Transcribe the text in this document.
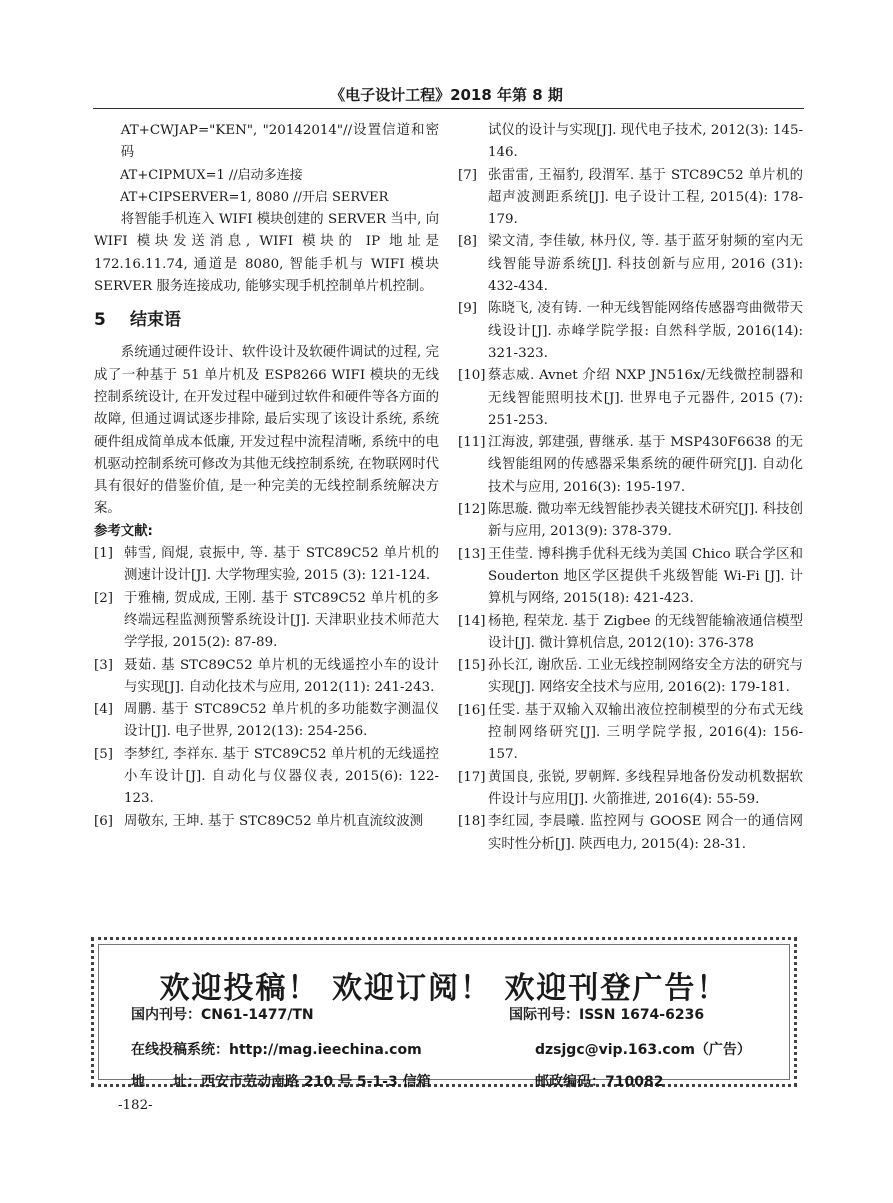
《电子设计工程》2018 年第 8 期

AT+CWJAP="KEN", "20142014"//设置信道和密码

AT+CIPMUX=1 //启动多连接

AT+CIPSERVER=1, 8080 //开启 SERVER

将智能手机连入 WIFI 模块创建的 SERVER 当中, 向 WIFI 模块发送消息, WIFI 模块的 IP 地址是 172.16.11.74, 通道是 8080, 智能手机与 WIFI 模块 SERVER 服务连接成功, 能够实现手机控制单片机控制。

5 结束语

系统通过硬件设计、软件设计及软硬件调试的过程, 完成了一种基于 51 单片机及 ESP8266 WIFI 模块的无线控制系统设计, 在开发过程中碰到过软件和硬件等各方面的故障, 但通过调试逐步排除, 最后实现了该设计系统, 系统硬件组成简单成本低廉, 开发过程中流程清晰, 系统中的电机驱动控制系统可修改为其他无线控制系统, 在物联网时代具有很好的借鉴价值, 是一种完美的无线控制系统解决方案。

参考文献:

[1] 韩雪, 阎焜, 袁振中, 等. 基于 STC89C52 单片机的测速计设计[J]. 大学物理实验, 2015 (3): 121-124.
[2] 于雅楠, 贺成成, 王刚. 基于 STC89C52 单片机的多终端远程监测预警系统设计[J]. 天津职业技术师范大学学报, 2015(2): 87-89.
[3] 聂茹. 基 STC89C52 单片机的无线遥控小车的设计与实现[J]. 自动化技术与应用, 2012(11): 241-243.
[4] 周鹏. 基于 STC89C52 单片机的多功能数字测温仪设计[J]. 电子世界, 2012(13): 254-256.
[5] 李梦红, 李祥东. 基于 STC89C52 单片机的无线遥控小车设计[J]. 自动化与仪器仪表, 2015(6): 122-123.
[6] 周敬东, 王坤. 基于 STC89C52 单片机直流纹波测

试仪的设计与实现[J]. 现代电子技术, 2012(3): 145-146.

[7] 张雷雷, 王福豹, 段渭军. 基于 STC89C52 单片机的超声波测距系统[J]. 电子设计工程, 2015(4): 178-179.
[8] 梁文清, 李佳敏, 林丹仪, 等. 基于蓝牙射频的室内无线智能导游系统[J]. 科技创新与应用, 2016 (31): 432-434.
[9] 陈晓飞, 凌有铸. 一种无线智能网络传感器弯曲微带天线设计[J]. 赤峰学院学报: 自然科学版, 2016(14): 321-323.
[10] 蔡志威. Avnet 介绍 NXP JN516x/无线微控制器和无线智能照明技术[J]. 世界电子元器件, 2015 (7): 251-253.
[11] 江海波, 郭建强, 曹继承. 基于 MSP430F6638 的无线智能组网的传感器采集系统的硬件研究[J]. 自动化技术与应用, 2016(3): 195-197.
[12] 陈思璇. 微功率无线智能抄表关键技术研究[J]. 科技创新与应用, 2013(9): 378-379.
[13] 王佳莹. 博科携手优科无线为美国 Chico 联合学区和 Souderton 地区学区提供千兆级智能 Wi-Fi [J]. 计算机与网络, 2015(18): 421-423.
[14] 杨艳, 程荣龙. 基于 Zigbee 的无线智能输液通信模型设计[J]. 微计算机信息, 2012(10): 376-378
[15] 孙长江, 谢欣岳. 工业无线控制网络安全方法的研究与实现[J]. 网络安全技术与应用, 2016(2): 179-181.
[16] 任雯. 基于双输入双输出液位控制模型的分布式无线控制网络研究[J]. 三明学院学报, 2016(4): 156-157.
[17] 黄国良, 张锐, 罗朝辉. 多线程异地备份发动机数据软件设计与应用[J]. 火箭推进, 2016(4): 55-59.
[18] 李红园, 李晨曦. 监控网与 GOOSE 网合一的通信网实时性分析[J]. 陕西电力, 2015(4): 28-31.
欢迎投稿！ 欢迎订阅！ 欢迎刊登广告！
国内刊号：CN61-1477/TN	国际刊号：ISSN 1674-6236
在线投稿系统：http://mag.ieechina.com	dzsjgc@vip.163.com（广告）
地　　址：西安市劳动南路 210 号 5-1-3 信箱	邮政编码：710082
-182-
